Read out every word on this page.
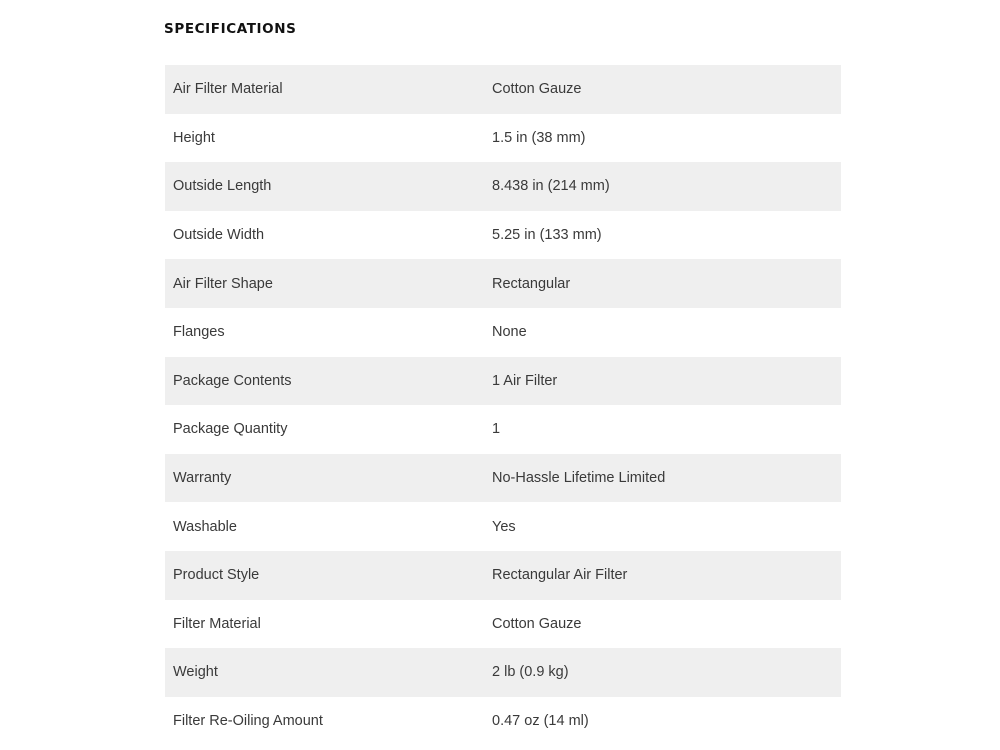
SPECIFICATIONS
Air Filter Material	Cotton Gauze
Height	1.5 in (38 mm)
Outside Length	8.438 in (214 mm)
Outside Width	5.25 in (133 mm)
Air Filter Shape	Rectangular
Flanges	None
Package Contents	1 Air Filter
Package Quantity	1
Warranty	No-Hassle Lifetime Limited
Washable	Yes
Product Style	Rectangular Air Filter
Filter Material	Cotton Gauze
Weight	2 lb (0.9 kg)
Filter Re-Oiling Amount	0.47 oz (14 ml)
